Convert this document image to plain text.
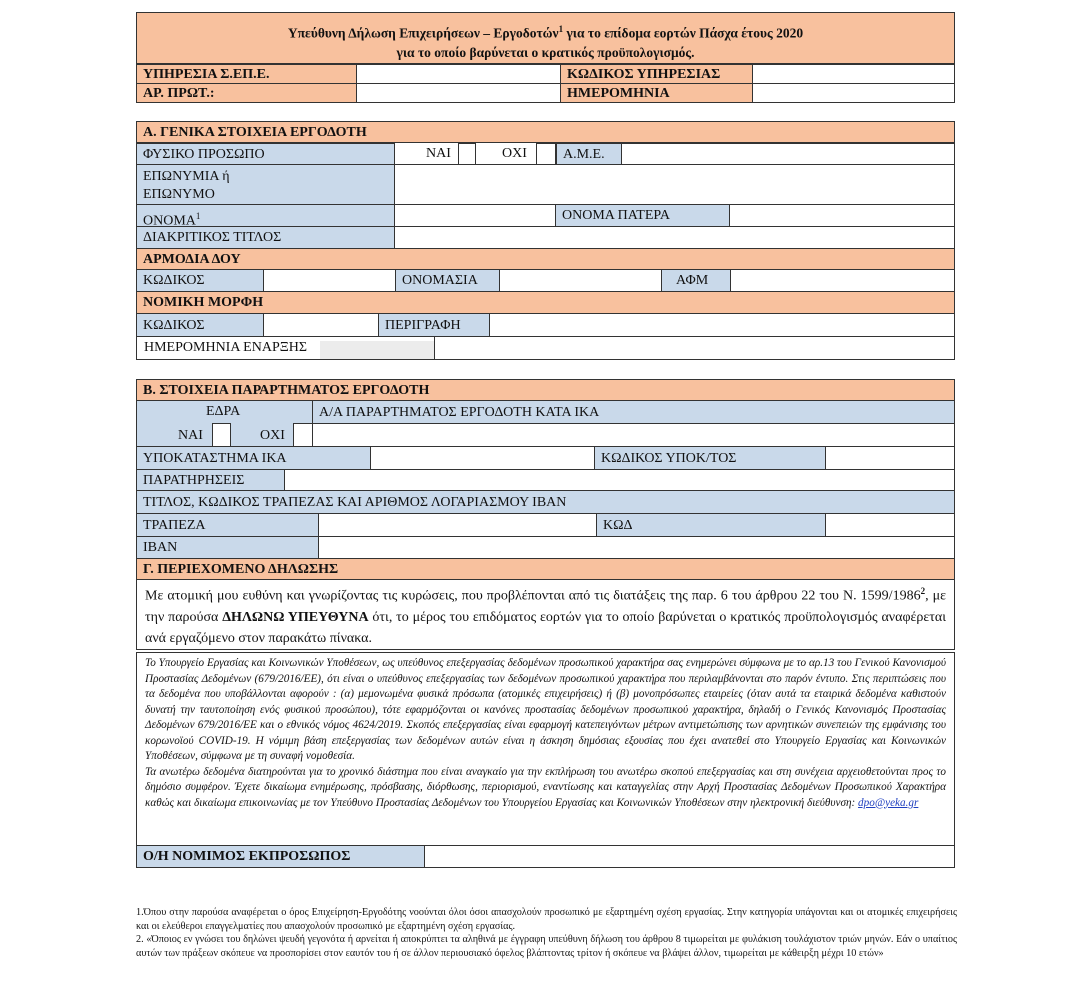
Υπεύθυνη Δήλωση Επιχειρήσεων – Εργοδοτών$^1$ για το επίδομα εορτών Πάσχα έτους 2020
για το οποίο βαρύνεται ο κρατικός προϋπολογισμός.
ΥΠΗΡΕΣΙΑ Σ.ΕΠ.Ε.	ΚΩΔΙΚΟΣ ΥΠΗΡΕΣΙΑΣ
ΑΡ. ΠΡΩΤ.:	ΗΜΕΡΟΜΗΝΙΑ
Α. ΓΕΝΙΚΑ ΣΤΟΙΧΕΙΑ ΕΡΓΟΔΟΤΗ
ΦΥΣΙΚΟ ΠΡΟΣΩΠΟ	ΝΑΙ	ΟΧΙ	Α.Μ.Ε.
ΕΠΩΝΥΜΙΑ ή
ΕΠΩΝΥΜΟ
ΟΝΟΜΑ$^1$	ΟΝΟΜΑ ΠΑΤΕΡΑ
ΔΙΑΚΡΙΤΙΚΟΣ ΤΙΤΛΟΣ
ΑΡΜΟΔΙΑ ΔΟΥ
ΚΩΔΙΚΟΣ	ΟΝΟΜΑΣΙΑ	ΑΦΜ
ΝΟΜΙΚΗ ΜΟΡΦΗ
ΚΩΔΙΚΟΣ	ΠΕΡΙΓΡΑΦΗ
ΗΜΕΡΟΜΗΝΙΑ ΕΝΑΡΞΗΣ
Β. ΣΤΟΙΧΕΙΑ ΠΑΡΑΡΤΗΜΑΤΟΣ ΕΡΓΟΔΟΤΗ
ΕΔΡΑ	Α/Α ΠΑΡΑΡΤΗΜΑΤΟΣ ΕΡΓΟΔΟΤΗ ΚΑΤΑ ΙΚΑ
ΝΑΙ	ΟΧΙ
ΥΠΟΚΑΤΑΣΤΗΜΑ ΙΚΑ	ΚΩΔΙΚΟΣ ΥΠΟΚ/ΤΟΣ
ΠΑΡΑΤΗΡΗΣΕΙΣ
ΤΙΤΛΟΣ, ΚΩΔΙΚΟΣ ΤΡΑΠΕΖΑΣ ΚΑΙ ΑΡΙΘΜΟΣ ΛΟΓΑΡΙΑΣΜΟΥ IBAN
ΤΡΑΠΕΖΑ	ΚΩΔ
IBAN
Γ. ΠΕΡΙΕΧΟΜΕΝΟ ΔΗΛΩΣΗΣ
Με ατομική μου ευθύνη και γνωρίζοντας τις κυρώσεις, που προβλέπονται από τις διατάξεις της παρ. 6 του άρθρου 22 του Ν. 1599/1986$^2$, με την παρούσα ΔΗΛΩΝΩ ΥΠΕΥΘΥΝΑ ότι, το μέρος του επιδόματος εορτών για το οποίο βαρύνεται ο κρατικός προϋπολογισμός αναφέρεται ανά εργαζόμενο στον παρακάτω πίνακα.
Το Υπουργείο Εργασίας και Κοινωνικών Υποθέσεων, ως υπεύθυνος επεξεργασίας δεδομένων προσωπικού χαρακτήρα σας ενημερώνει σύμφωνα με το αρ.13 του Γενικού Κανονισμού Προστασίας Δεδομένων (679/2016/ΕΕ), ότι είναι ο υπεύθυνος επεξεργασίας των δεδομένων προσωπικού χαρακτήρα που περιλαμβάνονται στο παρόν έντυπο. Στις περιπτώσεις που τα δεδομένα που υποβάλλονται αφορούν : (α) μεμονωμένα φυσικά πρόσωπα (ατομικές επιχειρήσεις) ή (β) μονοπρόσωπες εταιρείες (όταν αυτά τα εταιρικά δεδομένα καθιστούν δυνατή την ταυτοποίηση ενός φυσικού προσώπου), τότε εφαρμόζονται οι κανόνες προστασίας δεδομένων προσωπικού χαρακτήρα, δηλαδή ο Γενικός Κανονισμός Προστασίας Δεδομένων 679/2016/ΕΕ και ο εθνικός νόμος 4624/2019. Σκοπός επεξεργασίας είναι εφαρμογή κατεπειγόντων μέτρων αντιμετώπισης των αρνητικών συνεπειών της εμφάνισης του κορωνοϊού COVID-19. Η νόμιμη βάση επεξεργασίας των δεδομένων αυτών είναι η άσκηση δημόσιας εξουσίας που έχει ανατεθεί στο Υπουργείο Εργασίας και Κοινωνικών Υποθέσεων, σύμφωνα με τη συναφή νομοθεσία.
Τα ανωτέρω δεδομένα διατηρούνται για το χρονικό διάστημα που είναι αναγκαίο για την εκπλήρωση του ανωτέρω σκοπού επεξεργασίας και στη συνέχεια αρχειοθετούνται προς το δημόσιο συμφέρον. Έχετε δικαίωμα ενημέρωσης, πρόσβασης, διόρθωσης, περιορισμού, εναντίωσης και καταγγελίας στην Αρχή Προστασίας Δεδομένων Προσωπικού Χαρακτήρα καθώς και δικαίωμα επικοινωνίας με τον Υπεύθυνο Προστασίας Δεδομένων του Υπουργείου Εργασίας και Κοινωνικών Υποθέσεων στην ηλεκτρονική διεύθυνση: dpo@yeka.gr
Ο/Η ΝΟΜΙΜΟΣ ΕΚΠΡΟΣΩΠΟΣ
1.Όπου στην παρούσα αναφέρεται ο όρος Επιχείρηση-Εργοδότης νοούνται όλοι όσοι απασχολούν προσωπικό με εξαρτημένη σχέση εργασίας. Στην κατηγορία υπάγονται και οι ατομικές επιχειρήσεις και οι ελεύθεροι επαγγελματίες που απασχολούν προσωπικό με εξαρτημένη σχέση εργασίας.
2. «Όποιος εν γνώσει του δηλώνει ψευδή γεγονότα ή αρνείται ή αποκρύπτει τα αληθινά με έγγραφη υπεύθυνη δήλωση του άρθρου 8 τιμωρείται με φυλάκιση τουλάχιστον τριών μηνών. Εάν ο υπαίτιος αυτών των πράξεων σκόπευε να προσπορίσει στον εαυτόν του ή σε άλλον περιουσιακό όφελος βλάπτοντας τρίτον ή σκόπευε να βλάψει άλλον, τιμωρείται με κάθειρξη μέχρι 10 ετών»
